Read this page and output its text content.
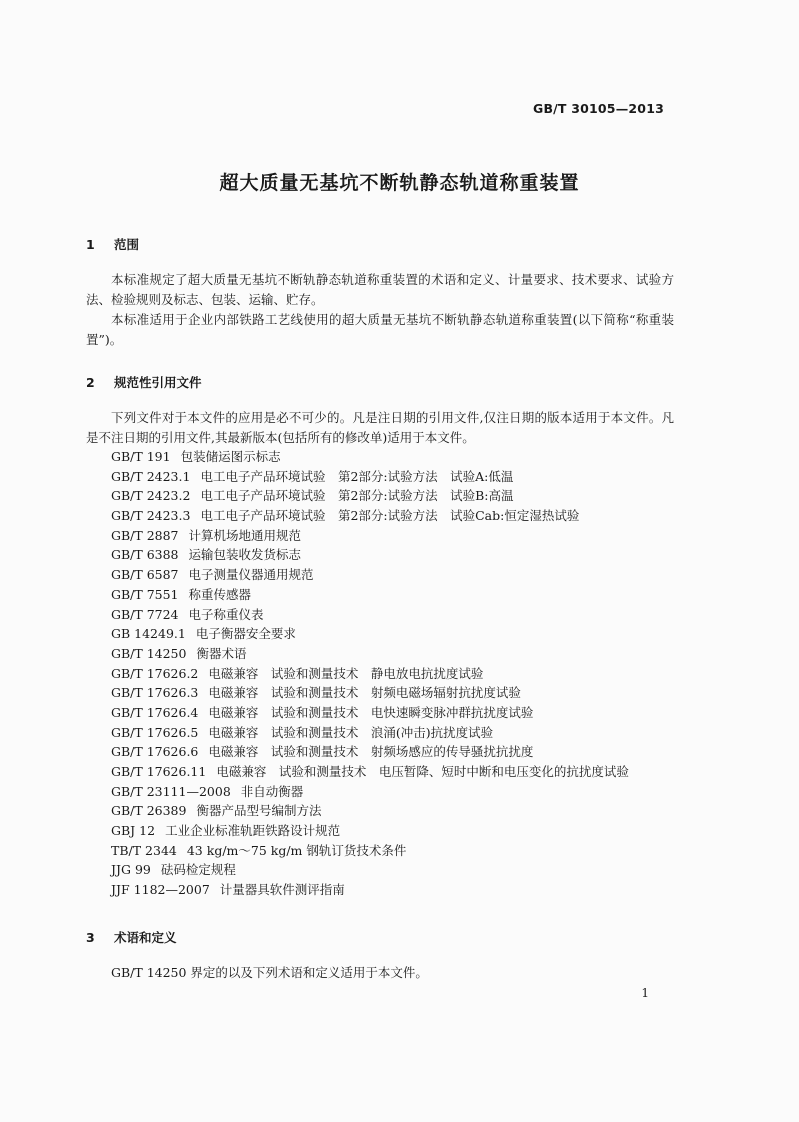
GB/T 30105—2013
超大质量无基坑不断轨静态轨道称重装置
1 范围
本标准规定了超大质量无基坑不断轨静态轨道称重装置的术语和定义、计量要求、技术要求、试验方法、检验规则及标志、包装、运输、贮存。
本标准适用于企业内部铁路工艺线使用的超大质量无基坑不断轨静态轨道称重装置(以下简称“称重装置”)。
2 规范性引用文件
下列文件对于本文件的应用是必不可少的。凡是注日期的引用文件,仅注日期的版本适用于本文件。凡是不注日期的引用文件,其最新版本(包括所有的修改单)适用于本文件。
GB/T 191 包装储运图示标志
GB/T 2423.1 电工电子产品环境试验　第2部分:试验方法　试验A:低温
GB/T 2423.2 电工电子产品环境试验　第2部分:试验方法　试验B:高温
GB/T 2423.3 电工电子产品环境试验　第2部分:试验方法　试验Cab:恒定湿热试验
GB/T 2887 计算机场地通用规范
GB/T 6388 运输包装收发货标志
GB/T 6587 电子测量仪器通用规范
GB/T 7551 称重传感器
GB/T 7724 电子称重仪表
GB 14249.1 电子衡器安全要求
GB/T 14250 衡器术语
GB/T 17626.2 电磁兼容　试验和测量技术　静电放电抗扰度试验
GB/T 17626.3 电磁兼容　试验和测量技术　射频电磁场辐射抗扰度试验
GB/T 17626.4 电磁兼容　试验和测量技术　电快速瞬变脉冲群抗扰度试验
GB/T 17626.5 电磁兼容　试验和测量技术　浪涌(冲击)抗扰度试验
GB/T 17626.6 电磁兼容　试验和测量技术　射频场感应的传导骚扰抗扰度
GB/T 17626.11 电磁兼容　试验和测量技术　电压暂降、短时中断和电压变化的抗扰度试验
GB/T 23111—2008 非自动衡器
GB/T 26389 衡器产品型号编制方法
GBJ 12 工业企业标准轨距铁路设计规范
TB/T 2344 43 kg/m～75 kg/m 钢轨订货技术条件
JJG 99 砝码检定规程
JJF 1182—2007 计量器具软件测评指南
3 术语和定义
GB/T 14250 界定的以及下列术语和定义适用于本文件。
1
